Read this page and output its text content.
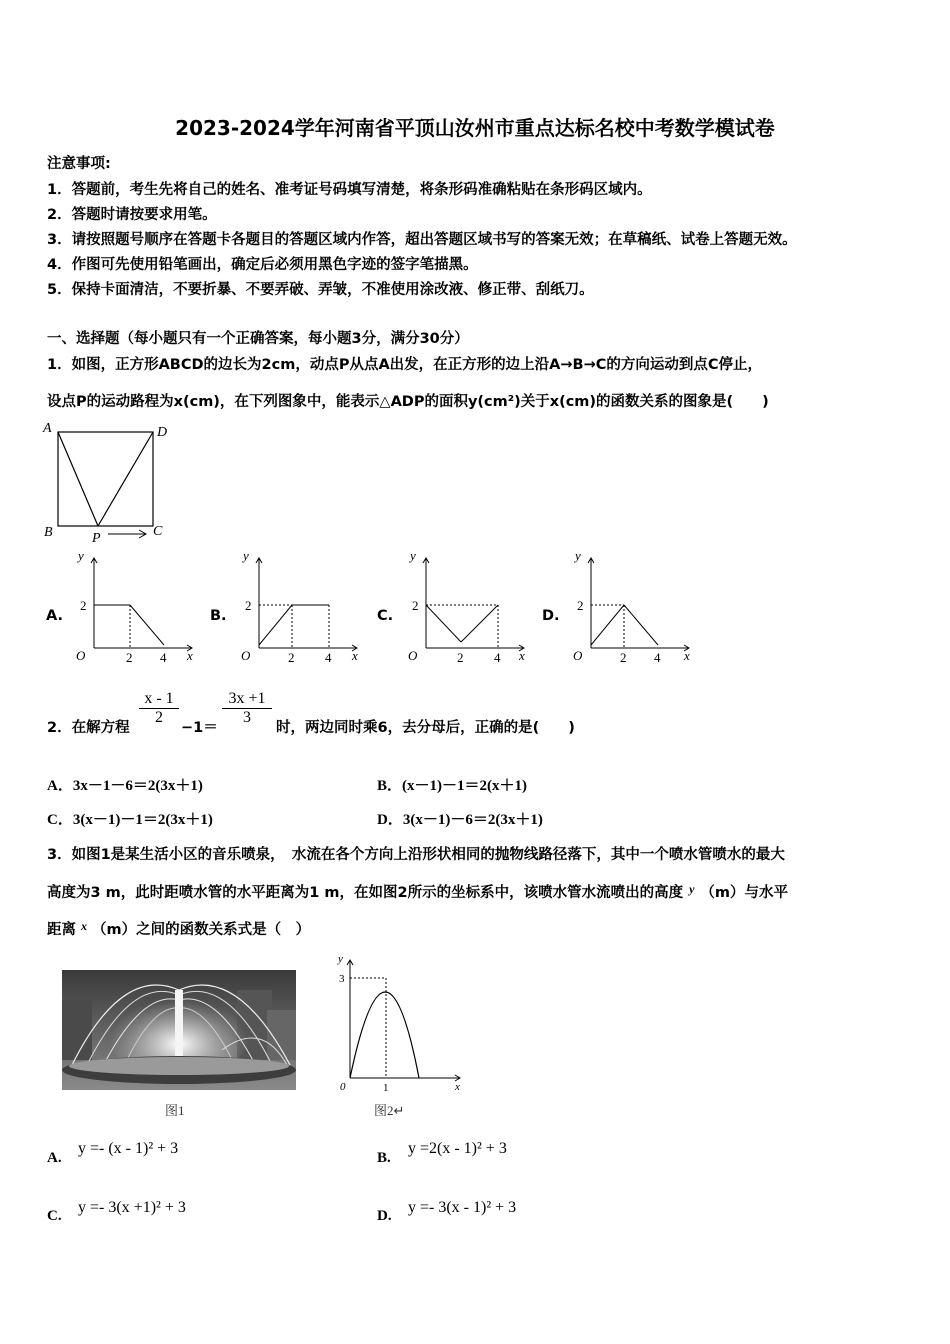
2023-2024学年河南省平顶山汝州市重点达标名校中考数学模试卷
注意事项:
1．答题前，考生先将自己的姓名、准考证号码填写清楚，将条形码准确粘贴在条形码区域内。
2．答题时请按要求用笔。
3．请按照题号顺序在答题卡各题目的答题区域内作答，超出答题区域书写的答案无效；在草稿纸、试卷上答题无效。
4．作图可先使用铅笔画出，确定后必须用黑色字迹的签字笔描黑。
5．保持卡面清洁，不要折暴、不要弄破、弄皱，不准使用涂改液、修正带、刮纸刀。
一、选择题（每小题只有一个正确答案，每小题3分，满分30分）
1．如图，正方形ABCD的边长为2cm，动点P从点A出发，在正方形的边上沿A→B→C的方向运动到点C停止，
设点P的运动路程为x(cm)，在下列图象中，能表示△ADP的面积y(cm²)关于x(cm)的函数关系的图象是(　　)
A	D
B	P	C
A.
y
2
O	2 4 x
B.
y
2
O	2 4 x
C.
y
2
O	2 4 x
D.
y
2
O	2 4 x
2．在解方程
$\frac{x - 1}{2}$
−1＝
$\frac{3x +1}{3}$
时，两边同时乘6，去分母后，正确的是(　　)
A．3x－1－6＝2(3x＋1)	B．(x－1)－1＝2(x＋1)
C．3(x－1)－1＝2(3x＋1)	D．3(x－1)－6＝2(3x＋1)
3．如图1是某生活小区的音乐喷泉，　水流在各个方向上沿形状相同的抛物线路径落下，其中一个喷水管喷水的最大
高度为3 m，此时距喷水管的水平距离为1 m，在如图2所示的坐标系中，该喷水管水流喷出的高度 $^y$ （m）与水平
距离 $^x$ （m）之间的函数关系式是（　）
图1
y
3
0	1	x
图2↵
A.
y =- (x - 1)² + 3
B.
y =2(x - 1)² + 3
C. y =- 3(x +1)² + 3	D. y =- 3(x - 1)² + 3
